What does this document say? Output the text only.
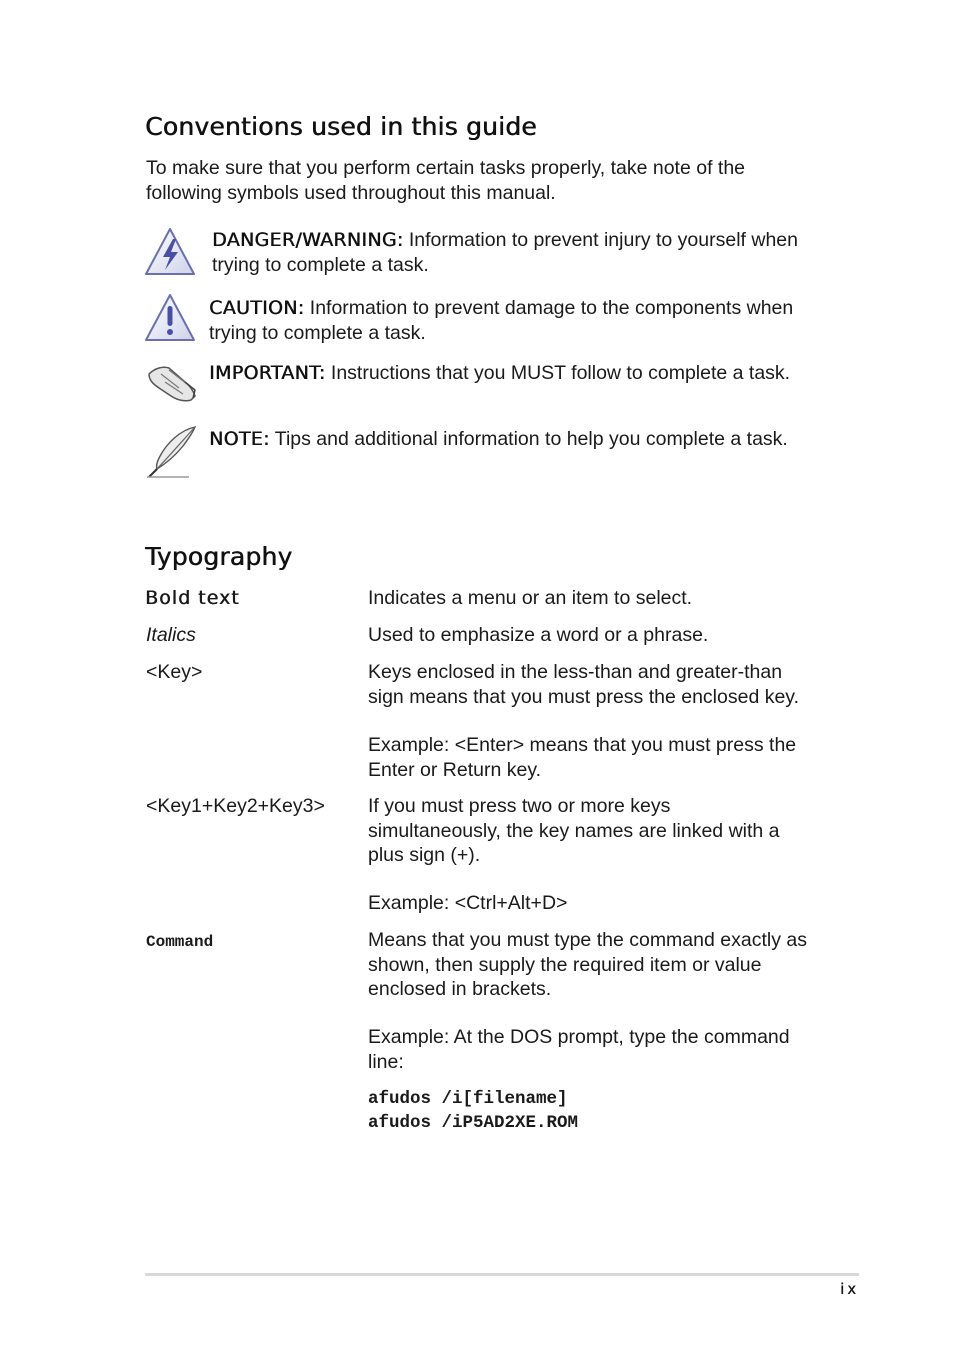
Conventions used in this guide
To make sure that you perform certain tasks properly, take note of the following symbols used throughout this manual.
DANGER/WARNING: Information to prevent injury to yourself when trying to complete a task.
CAUTION: Information to prevent damage to the components when trying to complete a task.
IMPORTANT: Instructions that you MUST follow to complete a task.
NOTE: Tips and additional information to help you complete a task.
Typography
Bold text	Indicates a menu or an item to select.
Italics	Used to emphasize a word or a phrase.
<Key>	Keys enclosed in the less-than and greater-than sign means that you must press the enclosed key.
Example: <Enter> means that you must press the Enter or Return key.
<Key1+Key2+Key3> If you must press two or more keys simultaneously, the key names are linked with a plus sign (+).
Example: <Ctrl+Alt+D>
Command	Means that you must type the command exactly as shown, then supply the required item or value enclosed in brackets.
Example: At the DOS prompt, type the command line:
afudos /i[filename]
afudos /iP5AD2XE.ROM
ix
